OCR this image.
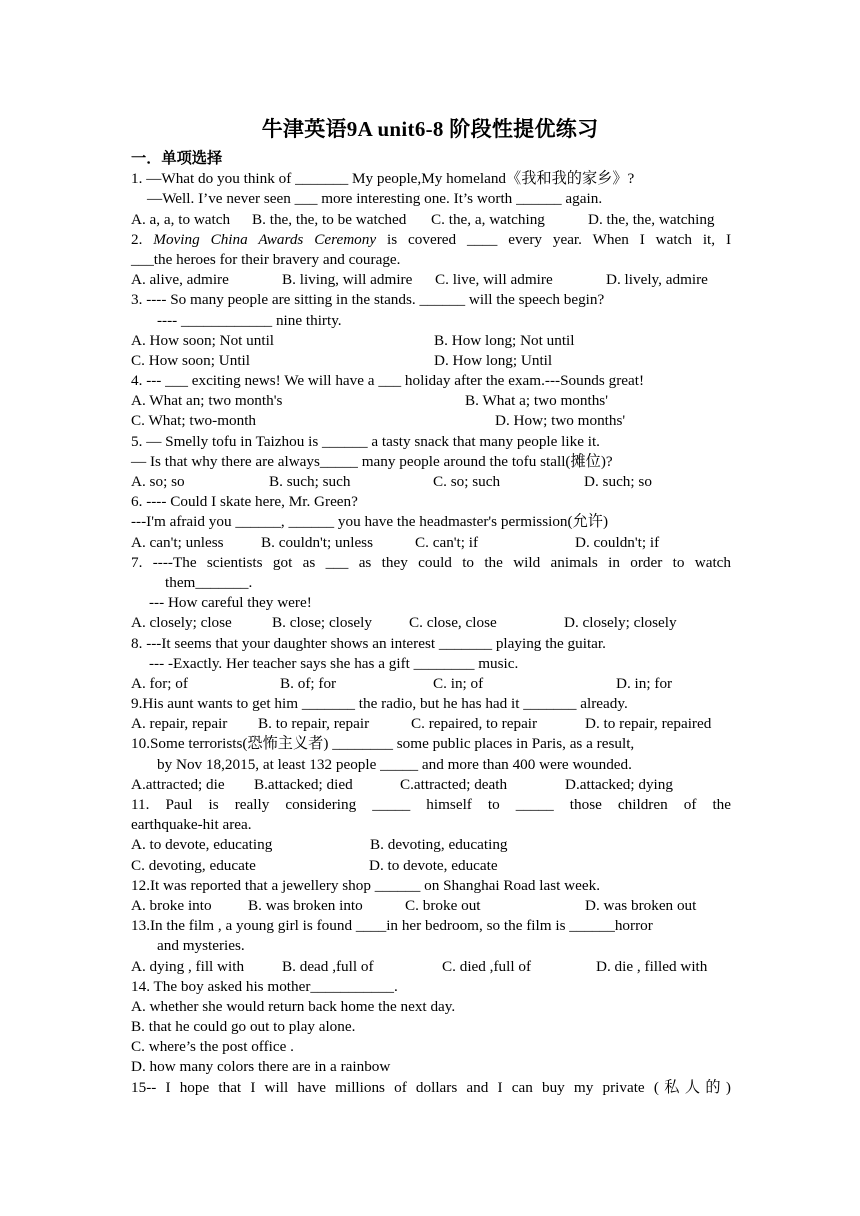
牛津英语9A unit6-8 阶段性提优练习
一．单项选择
1. —What do you think of _______ My people,My homeland《我和我的家乡》?
—Well. I’ve never seen ___ more interesting one. It’s worth ______ again.
A. a, a, to watch	B. the, the, to be watched	C. the, a, watching	D. the, the, watching
2. Moving China Awards Ceremony is covered ____ every year. When I watch it, I
___the heroes for their bravery and courage.
A. alive, admire	B. living, will admire	C. live, will admire	D. lively, admire
3. ---- So many people are sitting in the stands. ______ will the speech begin?
---- ____________ nine thirty.
A. How soon; Not until	B. How long; Not until
C. How soon; Until	D. How long; Until
4. --- ___ exciting news! We will have a ___ holiday after the exam.---Sounds great!
A. What an; two month's	B. What a; two months'
C. What; two-month	D. How; two months'
5. — Smelly tofu in Taizhou is ______ a tasty snack that many people like it.
— Is that why there are always_____ many people around the tofu stall(摊位)?
A. so; so	B. such; such	C. so; such	D. such; so
6. ---- Could I skate here, Mr. Green?
---I'm afraid you ______, ______ you have the headmaster's permission(允许)
A. can't; unless	B. couldn't; unless	C. can't; if	D. couldn't; if
7. ----The scientists got as ___ as they could to the wild animals in order to watch
them_______.
--- How careful they were!
A. closely; close	B. close; closely	C. close, close	D. closely; closely
8. ---It seems that your daughter shows an interest _______ playing the guitar.
--- -Exactly. Her teacher says she has a gift ________ music.
A. for; of	B. of; for	C. in; of	D. in; for
9.His aunt wants to get him _______ the radio, but he has had it _______ already.
A. repair, repair	B. to repair, repair	C. repaired, to repair	D. to repair, repaired
10.Some terrorists(恐怖主义者) ________ some public places in Paris, as a result,
by Nov 18,2015, at least 132 people _____ and more than 400 were wounded.
A.attracted; die	B.attacked; died	C.attracted; death	D.attacked; dying
11. Paul is really considering _____ himself to _____ those children of the
earthquake-hit area.
A. to devote, educating	B. devoting, educating
C. devoting, educate	D. to devote, educate
12.It was reported that a jewellery shop ______ on Shanghai Road last week.
A. broke into	B. was broken into	C. broke out	D. was broken out
13.In the film , a young girl is found ____in her bedroom, so the film is ______horror
and mysteries.
A. dying , fill with	B. dead ,full of	C. died ,full of	D. die , filled with
14. The boy asked his mother___________.
A. whether she would return back home the next day.
B. that he could go out to play alone.
C. where’s the post office .
D. how many colors there are in a rainbow
15-- I hope that I will have millions of dollars and I can buy my private (私人的)
